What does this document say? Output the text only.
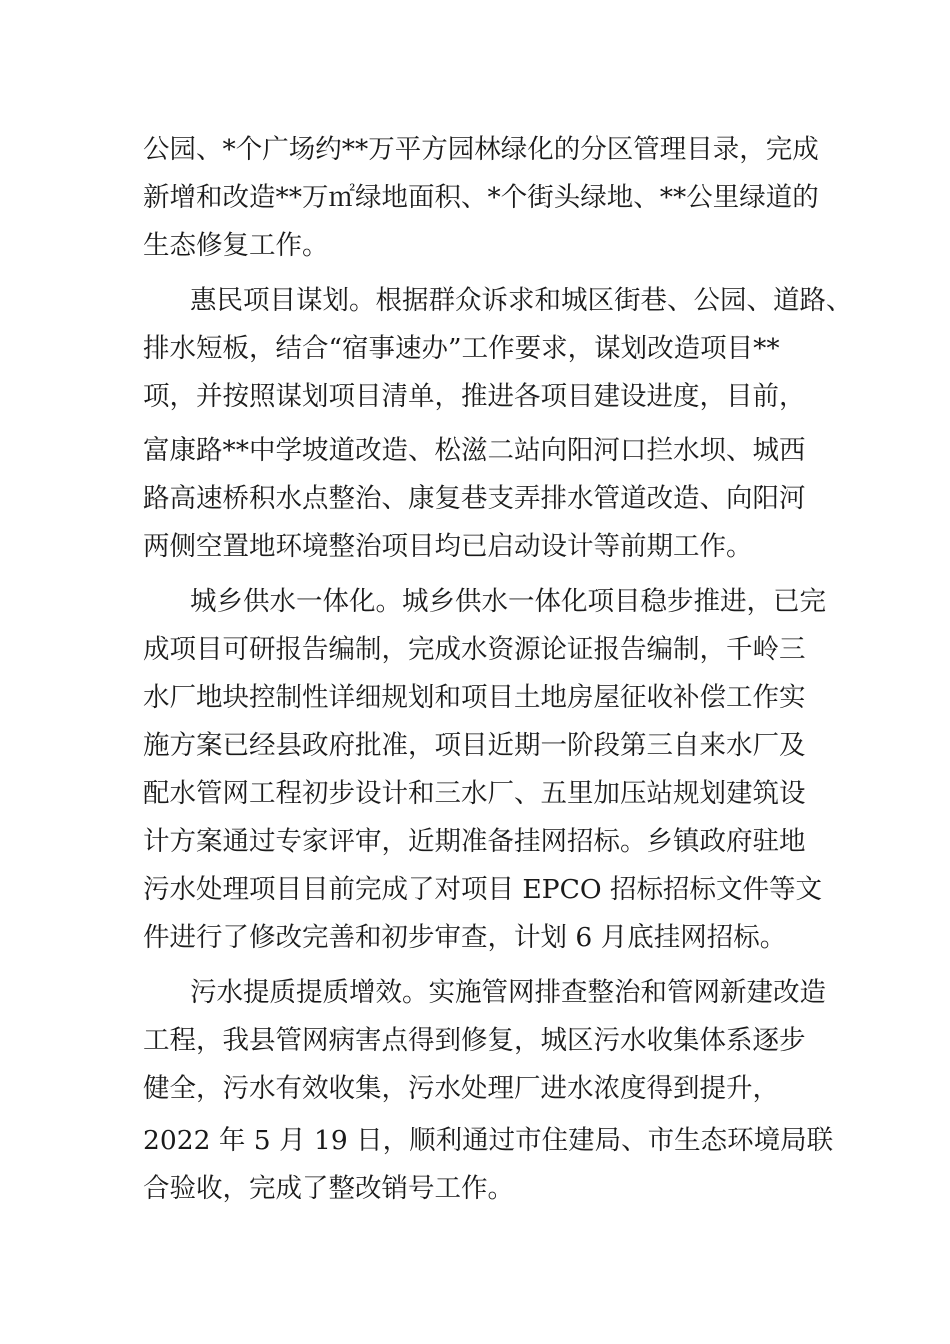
公园、*个广场约**万平方园林绿化的分区管理目录，完成
新增和改造**万㎡绿地面积、*个街头绿地、**公里绿道的
生态修复工作。
惠民项目谋划。根据群众诉求和城区街巷、公园、道路、
排水短板，结合“宿事速办”工作要求，谋划改造项目**
项，并按照谋划项目清单，推进各项目建设进度，目前，
富康路**中学坡道改造、松滋二站向阳河口拦水坝、城西
路高速桥积水点整治、康复巷支弄排水管道改造、向阳河
两侧空置地环境整治项目均已启动设计等前期工作。
城乡供水一体化。城乡供水一体化项目稳步推进，已完
成项目可研报告编制，完成水资源论证报告编制，千岭三
水厂地块控制性详细规划和项目土地房屋征收补偿工作实
施方案已经县政府批准，项目近期一阶段第三自来水厂及
配水管网工程初步设计和三水厂、五里加压站规划建筑设
计方案通过专家评审，近期准备挂网招标。乡镇政府驻地
污水处理项目目前完成了对项目 EPCO 招标招标文件等文
件进行了修改完善和初步审查，计划 6 月底挂网招标。
污水提质提质增效。实施管网排查整治和管网新建改造
工程，我县管网病害点得到修复，城区污水收集体系逐步
健全，污水有效收集，污水处理厂进水浓度得到提升，
2022 年 5 月 19 日，顺利通过市住建局、市生态环境局联
合验收，完成了整改销号工作。
